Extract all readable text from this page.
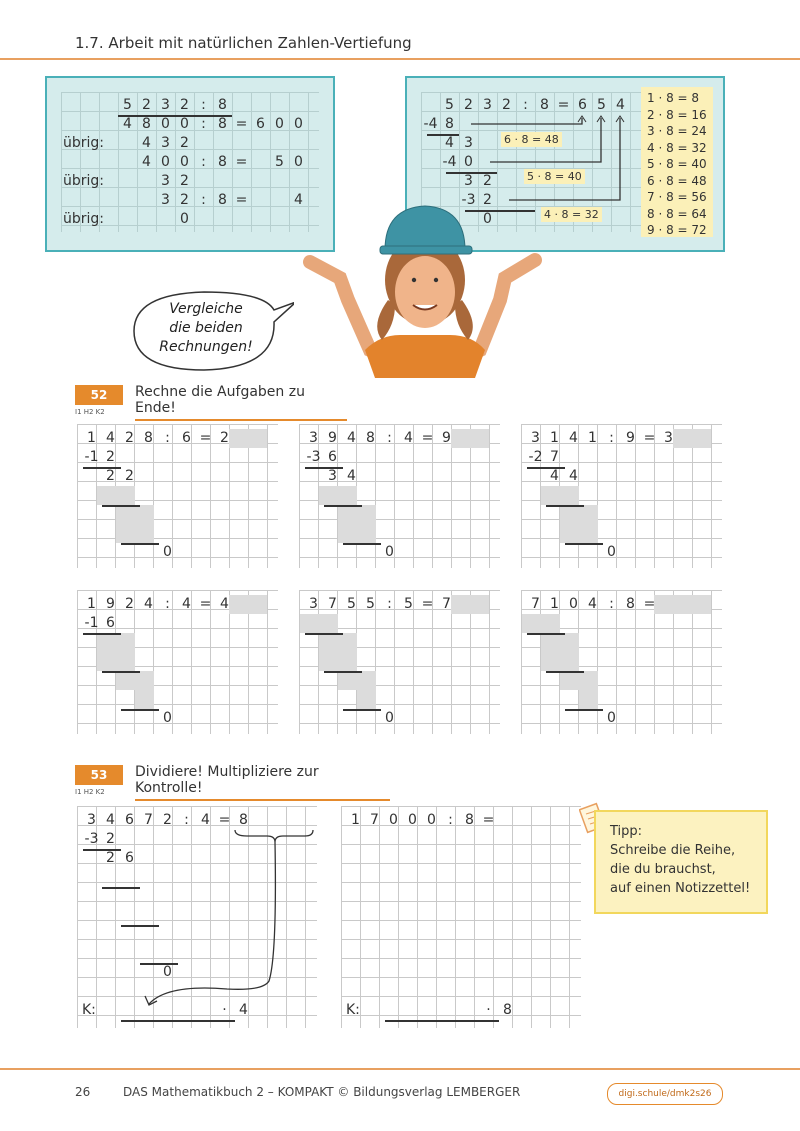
1.7. Arbeit mit natürlichen Zahlen-Vertiefung
5 2 3 2 : 8
4 8 0 0 : 8 = 6 0 0
übrig:	4 3 2
4 0 0 : 8 =	5 0
übrig:	3 2
3 2 : 8 =	4
übrig:	0
5 2 3 2 : 8 = 6 5 4
-4 8
4 3
-4 0
3 2
-3 2
0
6 · 8 = 48
5 · 8 = 40
4 · 8 = 32
1 · 8 = 8
2 · 8 = 16
3 · 8 = 24
4 · 8 = 32
5 · 8 = 40
6 · 8 = 48
7 · 8 = 56
8 · 8 = 64
9 · 8 = 72
Vergleiche
die beiden
Rechnungen!
52
I1 H2 K2
Rechne die Aufgaben zu Ende!
1 4 2 8 : 6 = 2
-1 2
2 2
0
3 9 4 8 : 4 = 9
-3 6
3 4
0
3 1 4 1 : 9 = 3
-2 7
4 4
0
1 9 2 4 : 4 = 4
-1 6
0
3 7 5 5 : 5 = 7
0
7 1 0 4 : 8 =
0
53
I1 H2 K2
Dividiere! Multipliziere zur Kontrolle!
3 4 6 7 2 : 4 = 8
-3 2
2 6
0
K:	· 4
1 7 0 0 0 : 8 =
K:	· 8
Tipp:
Schreibe die Reihe,
die du brauchst,
auf einen Notizzettel!
26	DAS Mathematikbuch 2 – KOMPAKT © Bildungsverlag LEMBERGER	digi.schule/dmk2s26
